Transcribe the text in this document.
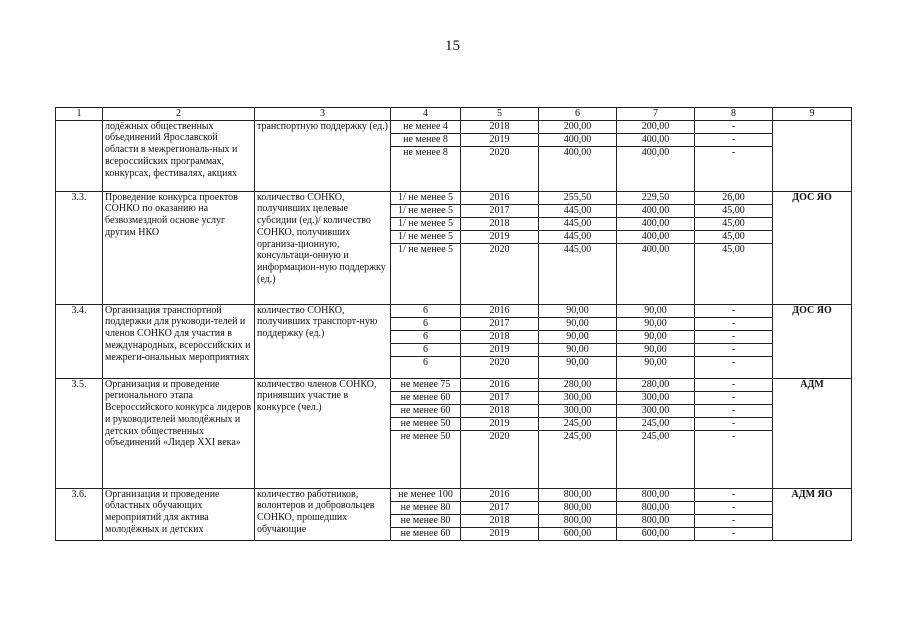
15
1	2	3	4	5	6	7	8	9
	лодёжных общественных объединений Ярославской области в межрегиональ-ных и всероссийских программах, конкурсах, фестивалях, акциях	транспортную поддержку (ед.)	не менее 4	2018	200,00	200,00	-	
			не менее 8	2019	400,00	400,00	-	
			не менее 8	2020	400,00	400,00	-	
3.3.	Проведение конкурса проектов СОНКО по оказанию на безвозмездной основе услуг другим НКО	количество СОНКО, получивших целевые субсидии (ед.)/ количество СОНКО, получивших организа-ционную, консультаци-онную и информацион-ную поддержку (ед.)	1/ не менее 5	2016	255,50	229,50	26,00	ДОС ЯО
			1/ не менее 5	2017	445,00	400,00	45,00	
			1/ не менее 5	2018	445,00	400,00	45,00	
			1/ не менее 5	2019	445,00	400,00	45,00	
			1/ не менее 5	2020	445,00	400,00	45,00	
3.4.	Организация транспортной поддержки для руководи-телей и членов СОНКО для участия в международных, всероссийских и межреги-ональных мероприятиях	количество СОНКО, получивших транспорт-ную поддержку (ед.)	6	2016	90,00	90,00	-	ДОС ЯО
			6	2017	90,00	90,00	-	
			6	2018	90,00	90,00	-	
			6	2019	90,00	90,00	-	
			6	2020	90,00	90,00	-	
3.5.	Организация и проведение регионального этапа Всероссийского конкурса лидеров и руководителей молодёжных и детских общественных объединений «Лидер XXI века»	количество членов СОНКО, принявших участие в конкурсе (чел.)	не менее 75	2016	280,00	280,00	-	АДМ
			не менее 60	2017	300,00	300,00	-	
			не менее 60	2018	300,00	300,00	-	
			не менее 50	2019	245,00	245,00	-	
			не менее 50	2020	245,00	245,00	-	
3.6.	Организация и проведение областных обучающих мероприятий для актива молодёжных и детских	количество работников, волонтеров и добровольцев СОНКО, прошедших обучающие	не менее 100	2016	800,00	800,00	-	АДМ ЯО
			не менее 80	2017	800,00	800,00	-	
			не менее 80	2018	800,00	800,00	-	
			не менее 60	2019	600,00	600,00	-	
